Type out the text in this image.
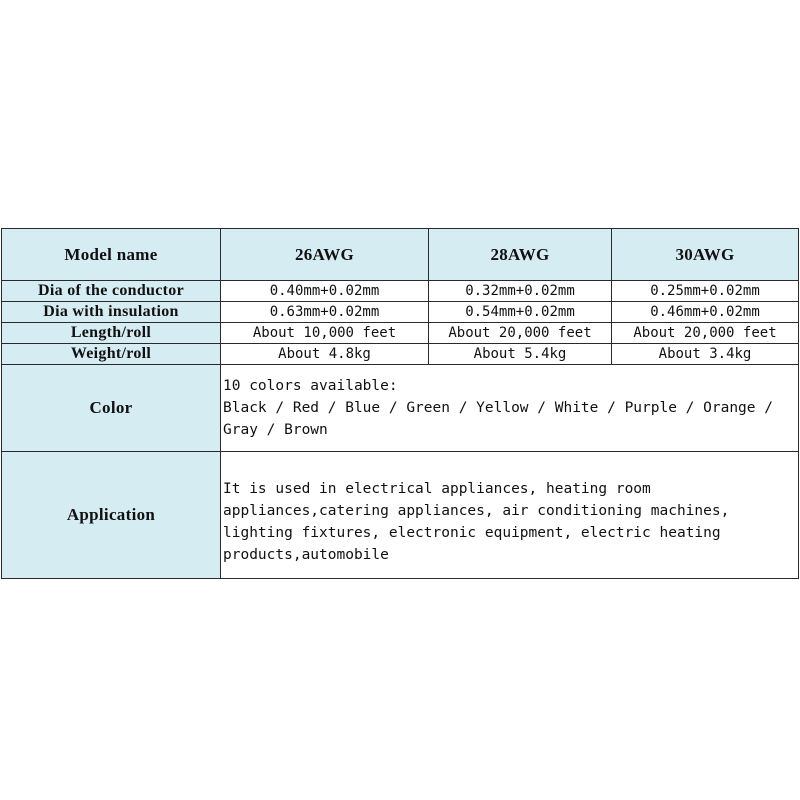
Model name	26AWG	28AWG	30AWG
Dia of the conductor	0.40mm+0.02mm	0.32mm+0.02mm	0.25mm+0.02mm
Dia with insulation	0.63mm+0.02mm	0.54mm+0.02mm	0.46mm+0.02mm
Length/roll	About 10,000 feet	About 20,000 feet	About 20,000 feet
Weight/roll	About 4.8kg	About 5.4kg	About 3.4kg
Color	10 colors available:
Black / Red / Blue / Green / Yellow / White / Purple / Orange /
Gray / Brown		

Application	It is used in electrical appliances, heating room
appliances,catering appliances, air conditioning machines,
lighting fixtures, electronic equipment, electric heating
products,automobile		
